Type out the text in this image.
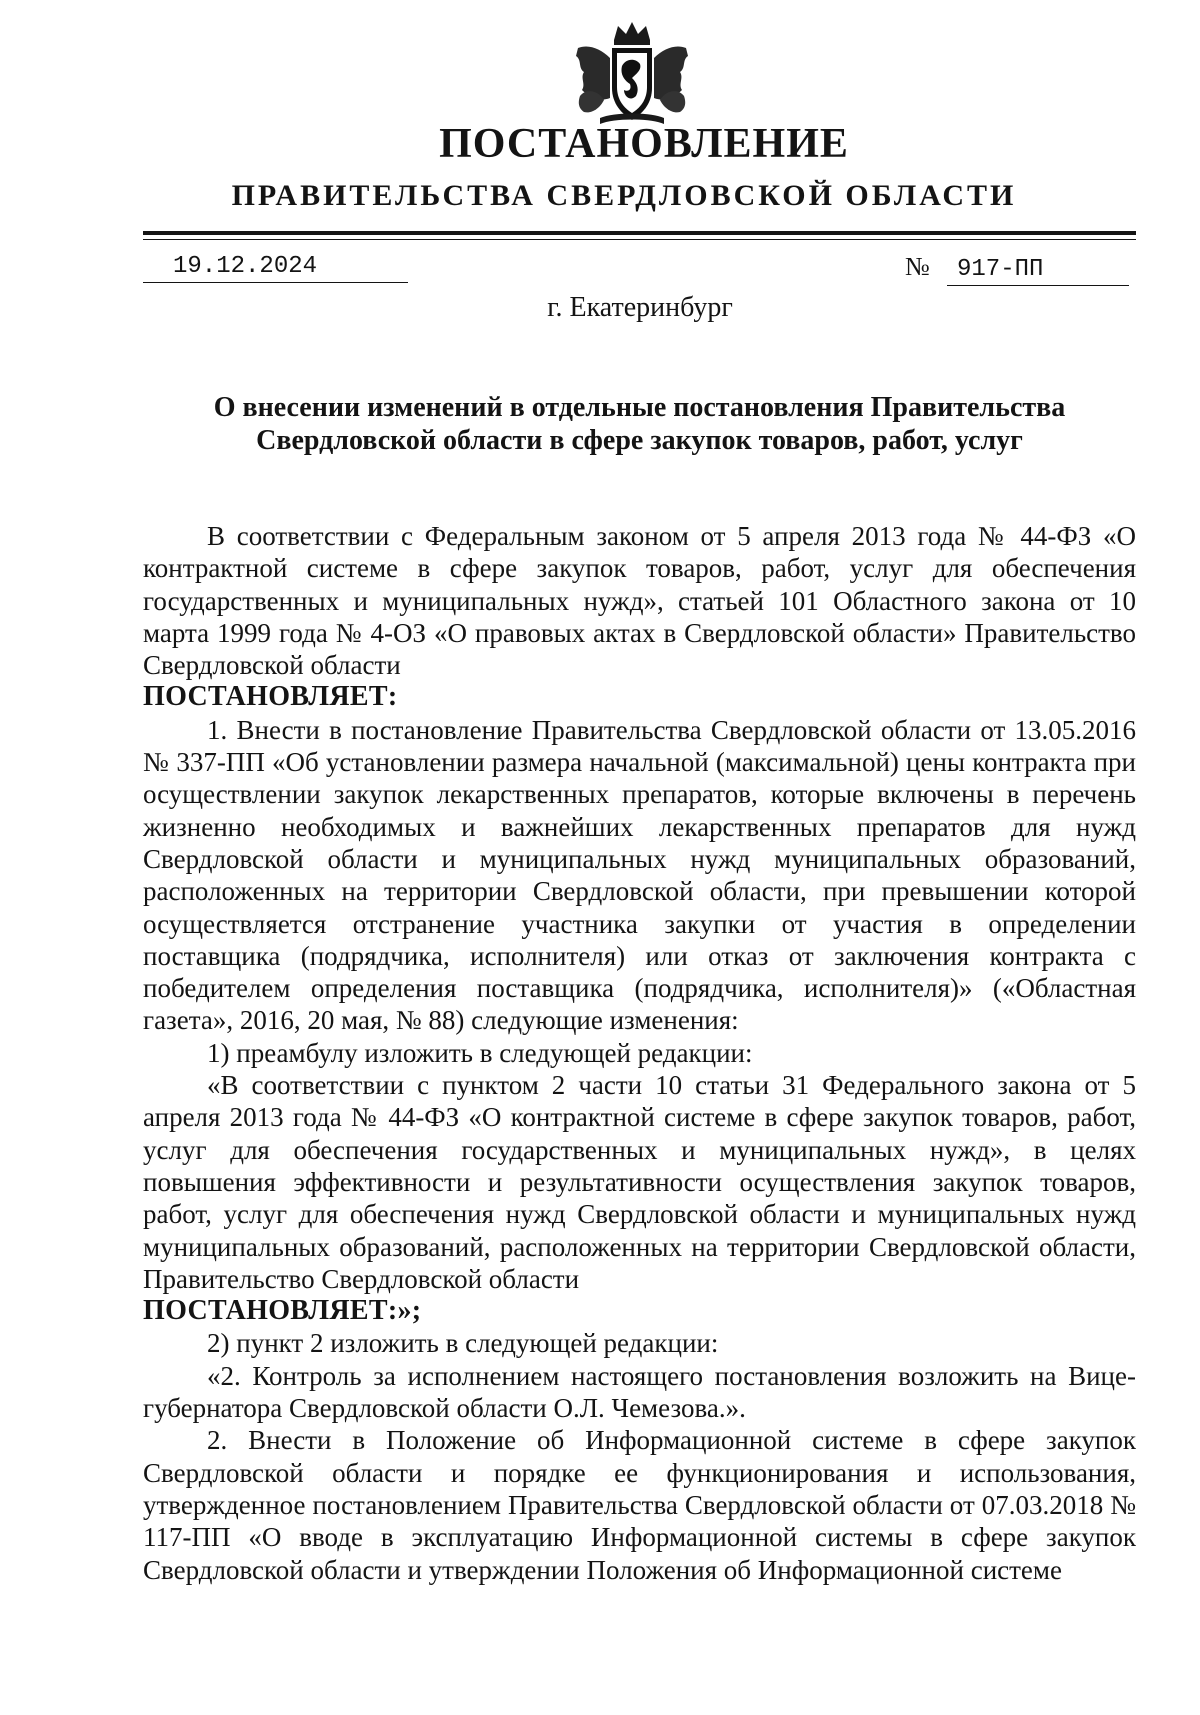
ПОСТАНОВЛЕНИЕ
ПРАВИТЕЛЬСТВА СВЕРДЛОВСКОЙ ОБЛАСТИ
19.12.2024	№ 917-ПП
г. Екатеринбург
О внесении изменений в отдельные постановления Правительства Свердловской области в сфере закупок товаров, работ, услуг

В соответствии с Федеральным законом от 5 апреля 2013 года № 44-ФЗ «О контрактной системе в сфере закупок товаров, работ, услуг для обеспечения государственных и муниципальных нужд», статьей 101 Областного закона от 10 марта 1999 года № 4-ОЗ «О правовых актах в Свердловской области» Правительство Свердловской области

ПОСТАНОВЛЯЕТ:

1. Внести в постановление Правительства Свердловской области от 13.05.2016 № 337-ПП «Об установлении размера начальной (максимальной) цены контракта при осуществлении закупок лекарственных препаратов, которые включены в перечень жизненно необходимых и важнейших лекарственных препаратов для нужд Свердловской области и муниципальных нужд муниципальных образований, расположенных на территории Свердловской области, при превышении которой осуществляется отстранение участника закупки от участия в определении поставщика (подрядчика, исполнителя) или отказ от заключения контракта с победителем определения поставщика (подрядчика, исполнителя)» («Областная газета», 2016, 20 мая, № 88) следующие изменения:

1) преамбулу изложить в следующей редакции:

«В соответствии с пунктом 2 части 10 статьи 31 Федерального закона от 5 апреля 2013 года № 44-ФЗ «О контрактной системе в сфере закупок товаров, работ, услуг для обеспечения государственных и муниципальных нужд», в целях повышения эффективности и результативности осуществления закупок товаров, работ, услуг для обеспечения нужд Свердловской области и муниципальных нужд муниципальных образований, расположенных на территории Свердловской области, Правительство Свердловской области

ПОСТАНОВЛЯЕТ:»;

2) пункт 2 изложить в следующей редакции:

«2. Контроль за исполнением настоящего постановления возложить на Вице-губернатора Свердловской области О.Л. Чемезова.».

2. Внести в Положение об Информационной системе в сфере закупок Свердловской области и порядке ее функционирования и использования, утвержденное постановлением Правительства Свердловской области от 07.03.2018 № 117-ПП «О вводе в эксплуатацию Информационной системы в сфере закупок Свердловской области и утверждении Положения об Информационной системе
